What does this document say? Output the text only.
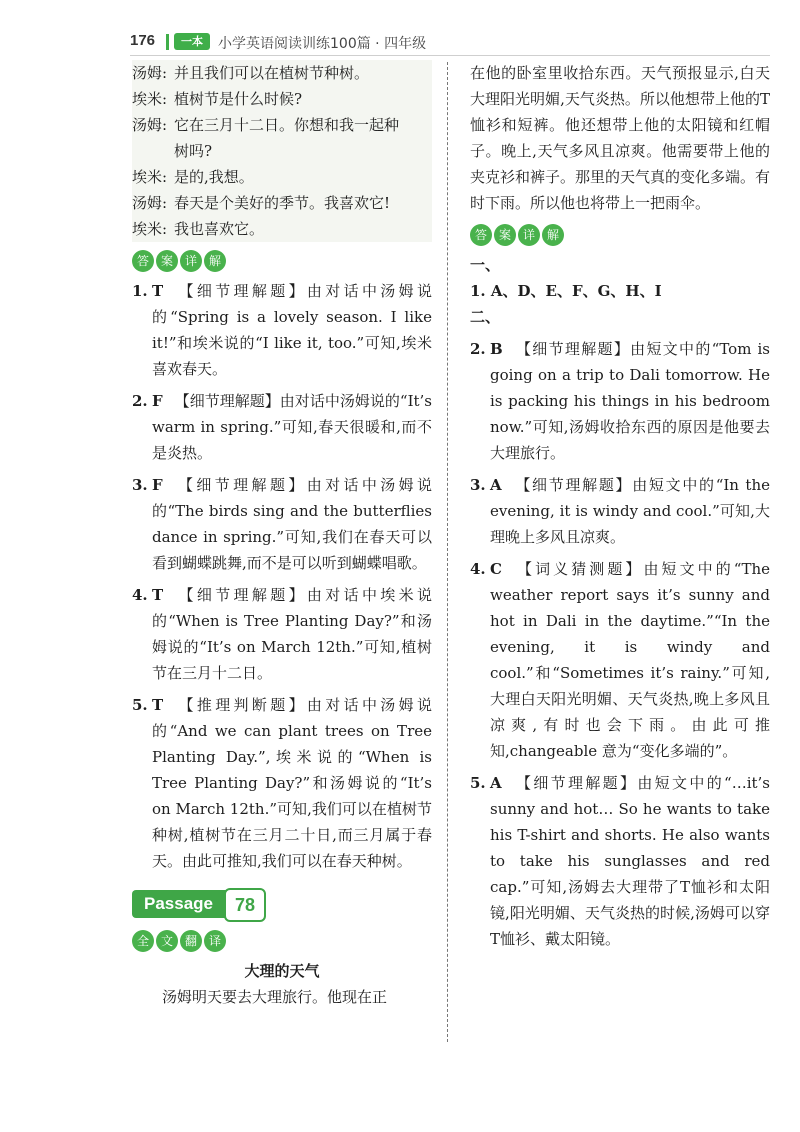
176	一本	小学英语阅读训练100篇 · 四年级
汤姆: 并且我们可以在植树节种树。

埃米: 植树节是什么时候?

汤姆: 它在三月十二日。你想和我一起种

树吗?

埃米: 是的,我想。

汤姆: 春天是个美好的季节。我喜欢它!

埃米: 我也喜欢它。

答 案 详 解
1. T 【细节理解题】由对话中汤姆说的“Spring is a lovely season. I like it!”和埃米说的“I like it, too.”可知,埃米喜欢春天。
2. F 【细节理解题】由对话中汤姆说的“It’s warm in spring.”可知,春天很暖和,而不是炎热。
3. F 【细节理解题】由对话中汤姆说的“The birds sing and the butterflies dance in spring.”可知,我们在春天可以看到蝴蝶跳舞,而不是可以听到蝴蝶唱歌。
4. T 【细节理解题】由对话中埃米说的“When is Tree Planting Day?”和汤姆说的“It’s on March 12th.”可知,植树节在三月十二日。
5. T 【推理判断题】由对话中汤姆说的“And we can plant trees on Tree Planting Day.”,埃米说的“When is Tree Planting Day?”和汤姆说的“It’s on March 12th.”可知,我们可以在植树节种树,植树节在三月二十日,而三月属于春天。由此可推知,我们可以在春天种树。
Passage	78
全 文 翻 译

大理的天气

汤姆明天要去大理旅行。他现在正

在他的卧室里收拾东西。天气预报显示,白天大理阳光明媚,天气炎热。所以他想带上他的T恤衫和短裤。他还想带上他的太阳镜和红帽子。晚上,天气多风且凉爽。他需要带上他的夹克衫和裤子。那里的天气真的变化多端。有时下雨。所以他也将带上一把雨伞。

答 案 详 解

一、

1. A、D、E、F、G、H、I

二、

2. B 【细节理解题】由短文中的“Tom is going on a trip to Dali tomorrow. He is packing his things in his bedroom now.”可知,汤姆收拾东西的原因是他要去大理旅行。
3. A 【细节理解题】由短文中的“In the evening, it is windy and cool.”可知,大理晚上多风且凉爽。
4. C 【词义猜测题】由短文中的“The weather report says it’s sunny and hot in Dali in the daytime.”“In the evening, it is windy and cool.”和“Sometimes it’s rainy.”可知,大理白天阳光明媚、天气炎热,晚上多风且凉爽,有时也会下雨。由此可推知,changeable 意为“变化多端的”。
5. A 【细节理解题】由短文中的“…it’s sunny and hot… So he wants to take his T-shirt and shorts. He also wants to take his sunglasses and red cap.”可知,汤姆去大理带了T恤衫和太阳镜,阳光明媚、天气炎热的时候,汤姆可以穿T恤衫、戴太阳镜。
